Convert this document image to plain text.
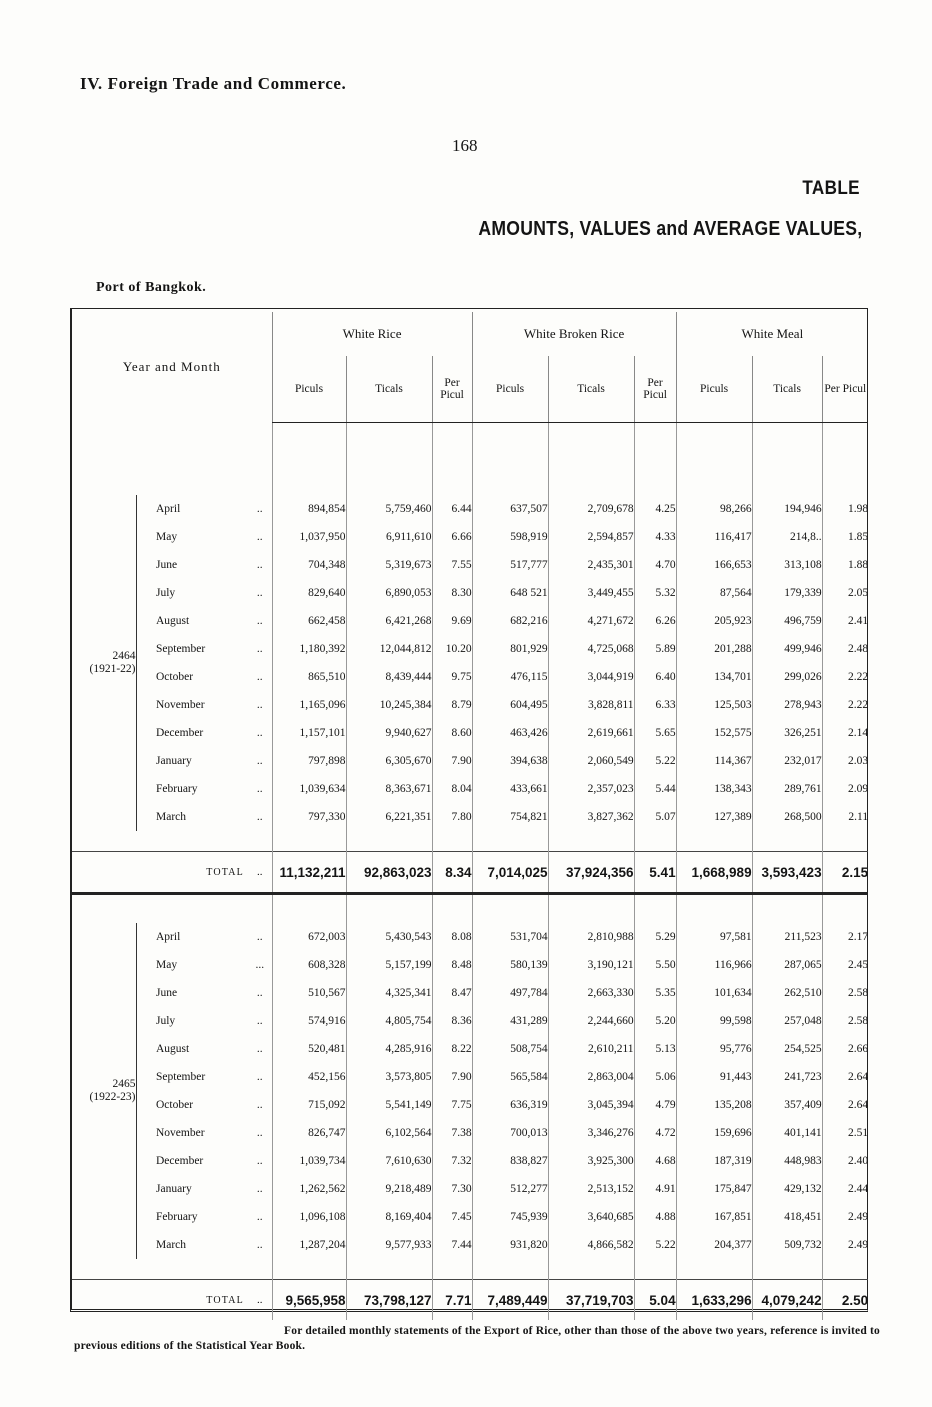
IV. Foreign Trade and Commerce.
168
TABLE
AMOUNTS, VALUES and AVERAGE VALUES,
Port of Bangkok.
Year and Month				White Rice			White Broken Rice			White Meal		
				Piculs	Ticals	Per Picul	Piculs	Ticals	Per Picul	Piculs	Ticals	Per Picul

2464
(1921-22)		April	..	894,854	5,759,460	6.44	637,507	2,709,678	4.25	98,266	194,946	1.98
		May	..	1,037,950	6,911,610	6.66	598,919	2,594,857	4.33	116,417	214,8..	1.85
		June	..	704,348	5,319,673	7.55	517,777	2,435,301	4.70	166,653	313,108	1.88
		July	..	829,640	6,890,053	8.30	648 521	3,449,455	5.32	87,564	179,339	2.05
		August	..	662,458	6,421,268	9.69	682,216	4,271,672	6.26	205,923	496,759	2.41
		September	..	1,180,392	12,044,812	10.20	801,929	4,725,068	5.89	201,288	499,946	2.48
		October	..	865,510	8,439,444	9.75	476,115	3,044,919	6.40	134,701	299,026	2.22
		November	..	1,165,096	10,245,384	8.79	604,495	3,828,811	6.33	125,503	278,943	2.22
		December	..	1,157,101	9,940,627	8.60	463,426	2,619,661	5.65	152,575	326,251	2.14
		January	..	797,898	6,305,670	7.90	394,638	2,060,549	5.22	114,367	232,017	2.03
		February	..	1,039,634	8,363,671	8.04	433,661	2,357,023	5.44	138,343	289,761	2.09
		March	..	797,330	6,221,351	7.80	754,821	3,827,362	5.07	127,389	268,500	2.11

TOTAL			..	11,132,211	92,863,023	8.34	7,014,025	37,924,356	5.41	1,668,989	3,593,423	2.15

2465
(1922-23)		April	..	672,003	5,430,543	8.08	531,704	2,810,988	5.29	97,581	211,523	2.17
		May	...	608,328	5,157,199	8.48	580,139	3,190,121	5.50	116,966	287,065	2.45
		June	..	510,567	4,325,341	8.47	497,784	2,663,330	5.35	101,634	262,510	2.58
		July	..	574,916	4,805,754	8.36	431,289	2,244,660	5.20	99,598	257,048	2.58
		August	..	520,481	4,285,916	8.22	508,754	2,610,211	5.13	95,776	254,525	2.66
		September	..	452,156	3,573,805	7.90	565,584	2,863,004	5.06	91,443	241,723	2.64
		October	..	715,092	5,541,149	7.75	636,319	3,045,394	4.79	135,208	357,409	2.64
		November	..	826,747	6,102,564	7.38	700,013	3,346,276	4.72	159,696	401,141	2.51
		December	..	1,039,734	7,610,630	7.32	838,827	3,925,300	4.68	187,319	448,983	2.40
		January	..	1,262,562	9,218,489	7.30	512,277	2,513,152	4.91	175,847	429,132	2.44
		February	..	1,096,108	8,169,404	7.45	745,939	3,640,685	4.88	167,851	418,451	2.49
		March	..	1,287,204	9,577,933	7.44	931,820	4,866,582	5.22	204,377	509,732	2.49

TOTAL			..	9,565,958	73,798,127	7.71	7,489,449	37,719,703	5.04	1,633,296	4,079,242	2.50
For detailed monthly statements of the Export of Rice, other than those of the above two years, reference is invited to
previous editions of the Statistical Year Book.
